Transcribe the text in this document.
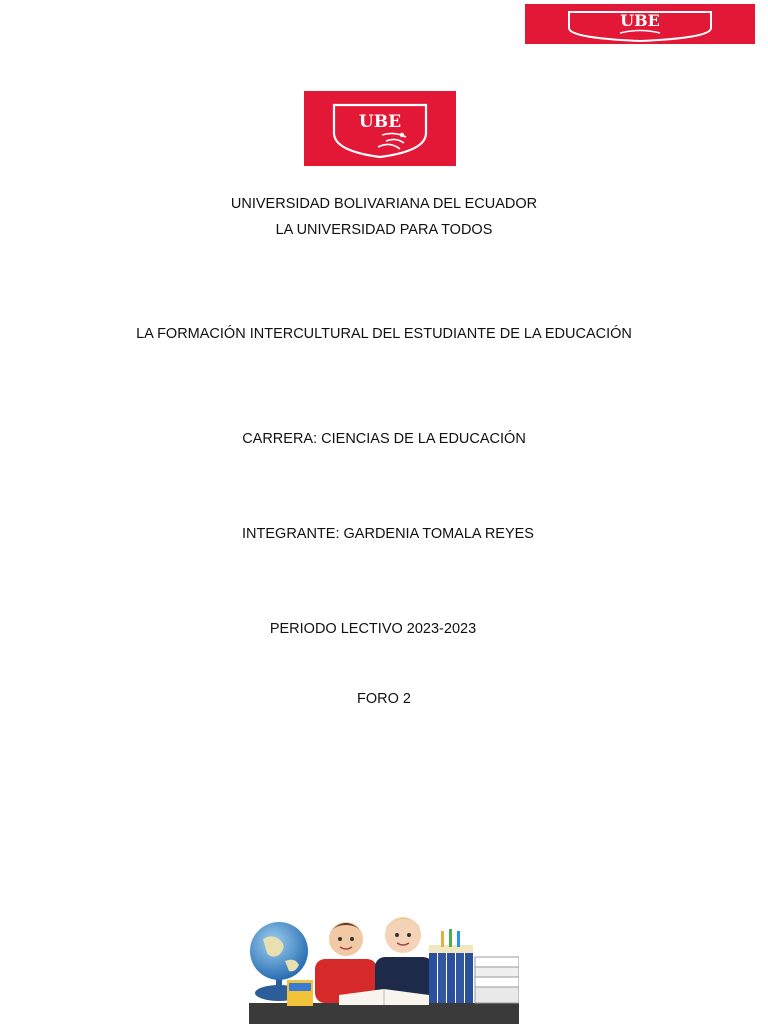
UBE
UBE
UNIVERSIDAD BOLIVARIANA DEL ECUADOR
LA UNIVERSIDAD PARA TODOS
LA FORMACIÓN INTERCULTURAL DEL ESTUDIANTE DE LA EDUCACIÓN
CARRERA: CIENCIAS DE LA EDUCACIÓN
INTEGRANTE: GARDENIA TOMALA REYES
PERIODO LECTIVO 2023-2023
FORO 2
